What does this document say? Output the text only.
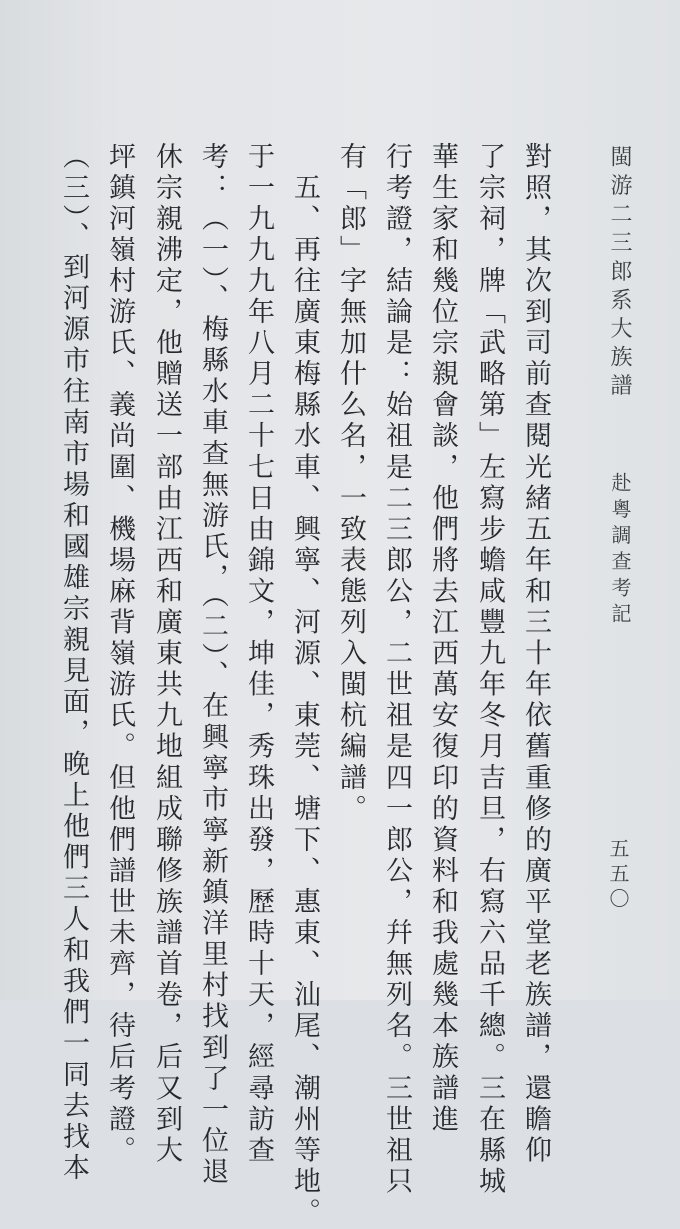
閩游二三郎系大族譜
赴粵調查考記
五五〇
對照，其次到司前查閱光緒五年和三十年依舊重修的廣平堂老族譜，還瞻仰
了宗祠，牌「武略第」左寫步蟾咸豐九年冬月吉旦，右寫六品千總。三在縣城
華生家和幾位宗親會談，他們將去江西萬安復印的資料和我處幾本族譜進
行考證，結論是：始祖是二三郎公，二世祖是四一郎公，幷無列名。三世祖只
有「郎」字無加什么名，一致表態列入閩杭編譜。
　五、再往廣東梅縣水車、興寧、河源、東莞、塘下、惠東、汕尾、潮州等地。
于一九九九年八月二十七日由錦文，坤佳，秀珠出發，歷時十天，經尋訪查
考：（一）、梅縣水車查無游氏，（二）、在興寧市寧新鎮洋里村找到了一位退
休宗親沸定，他贈送一部由江西和廣東共九地組成聯修族譜首卷，后又到大
坪鎮河嶺村游氏、義尚圍、機場麻背嶺游氏。但他們譜世未齊，待后考證。
（三）、到河源市往南市場和國雄宗親見面，晚上他們三人和我們一同去找本
